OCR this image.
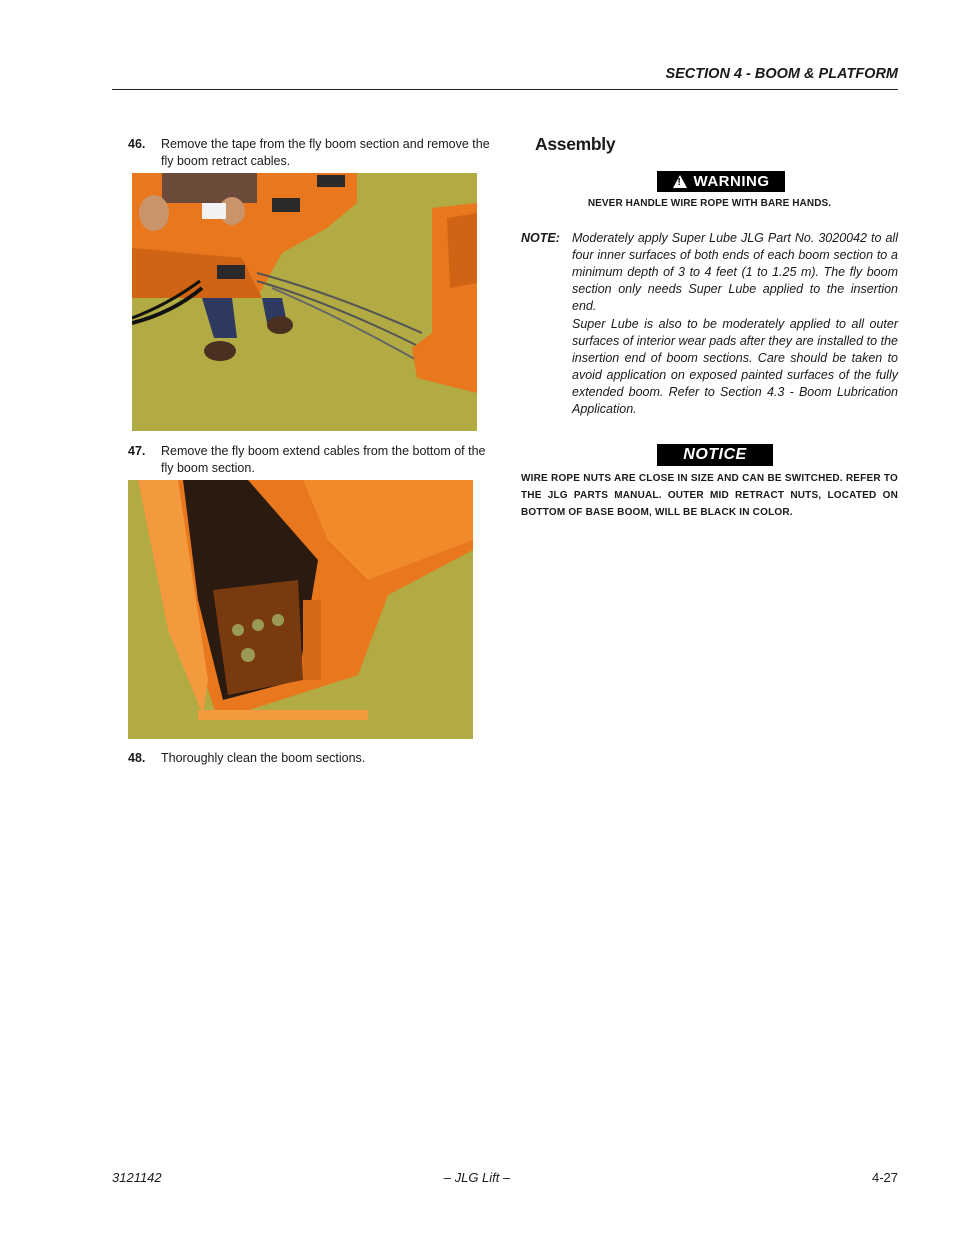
SECTION 4 - BOOM & PLATFORM
46. Remove the tape from the fly boom section and remove the fly boom retract cables.
47. Remove the fly boom extend cables from the bottom of the fly boom section.
48. Thoroughly clean the boom sections.
Assembly
! WARNING
NEVER HANDLE WIRE ROPE WITH BARE HANDS.
NOTE: Moderately apply Super Lube JLG Part No. 3020042 to all four inner surfaces of both ends of each boom section to a minimum depth of 3 to 4 feet (1 to 1.25 m). The fly boom section only needs Super Lube applied to the insertion end.
Super Lube is also to be moderately applied to all outer surfaces of interior wear pads after they are installed to the insertion end of boom sections. Care should be taken to avoid application on exposed painted surfaces of the fully extended boom. Refer to Section 4.3 - Boom Lubrication Application.
NOTICE
WIRE ROPE NUTS ARE CLOSE IN SIZE AND CAN BE SWITCHED. REFER TO THE JLG PARTS MANUAL. OUTER MID RETRACT NUTS, LOCATED ON BOTTOM OF BASE BOOM, WILL BE BLACK IN COLOR.
3121142	– JLG Lift –	4-27
